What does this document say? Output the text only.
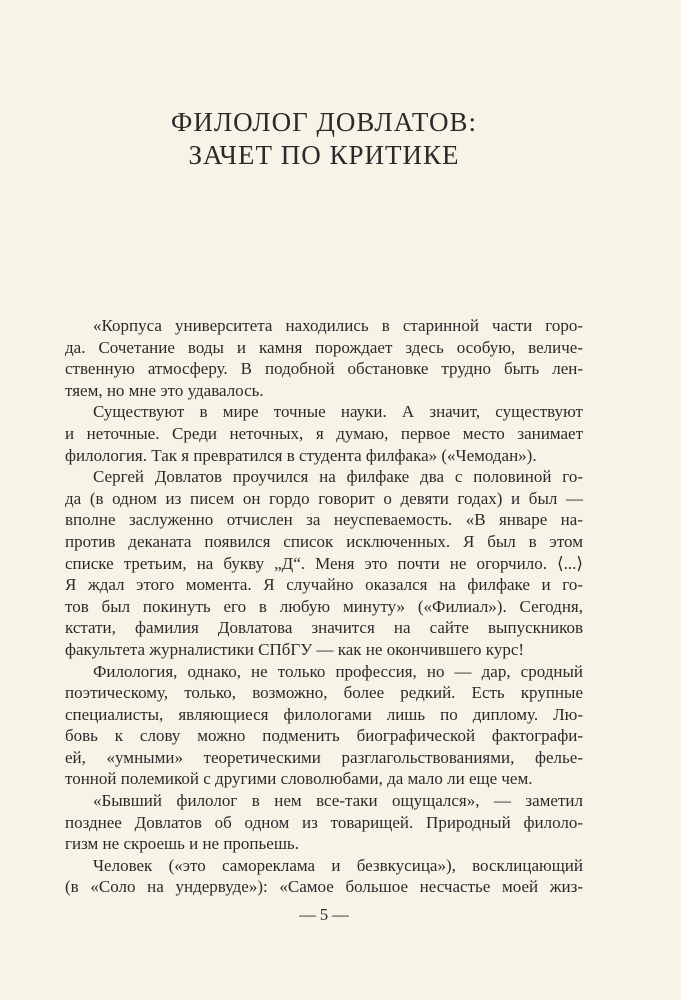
ФИЛОЛОГ ДОВЛАТОВ:
ЗАЧЕТ ПО КРИТИКЕ
«Корпуса университета находились в старинной части горо-
да. Сочетание воды и камня порождает здесь особую, величе-
ственную атмосферу. В подобной обстановке трудно быть лен-
тяем, но мне это удавалось.
Существуют в мире точные науки. А значит, существуют
и неточные. Среди неточных, я думаю, первое место занимает
филология. Так я превратился в студента филфака» («Чемодан»).
Сергей Довлатов проучился на филфаке два с половиной го-
да (в одном из писем он гордо говорит о девяти годах) и был —
вполне заслуженно отчислен за неуспеваемость. «В январе на-
против деканата появился список исключенных. Я был в этом
списке третьим, на букву „Д“. Меня это почти не огорчило. ⟨...⟩
Я ждал этого момента. Я случайно оказался на филфаке и го-
тов был покинуть его в любую минуту» («Филиал»). Сегодня,
кстати, фамилия Довлатова значится на сайте выпускников
факультета журналистики СПбГУ — как не окончившего курс!
Филология, однако, не только профессия, но — дар, сродный
поэтическому, только, возможно, более редкий. Есть крупные
специалисты, являющиеся филологами лишь по диплому. Лю-
бовь к слову можно подменить биографической фактографи-
ей, «умными» теоретическими разглагольствованиями, фелье-
тонной полемикой с другими словолюбами, да мало ли еще чем.
«Бывший филолог в нем все-таки ощущался», — заметил
позднее Довлатов об одном из товарищей. Природный филоло-
гизм не скроешь и не пропьешь.
Человек («это самореклама и безвкусица»), восклицающий
(в «Соло на ундервуде»): «Самое большое несчастье моей жиз-
— 5 —
